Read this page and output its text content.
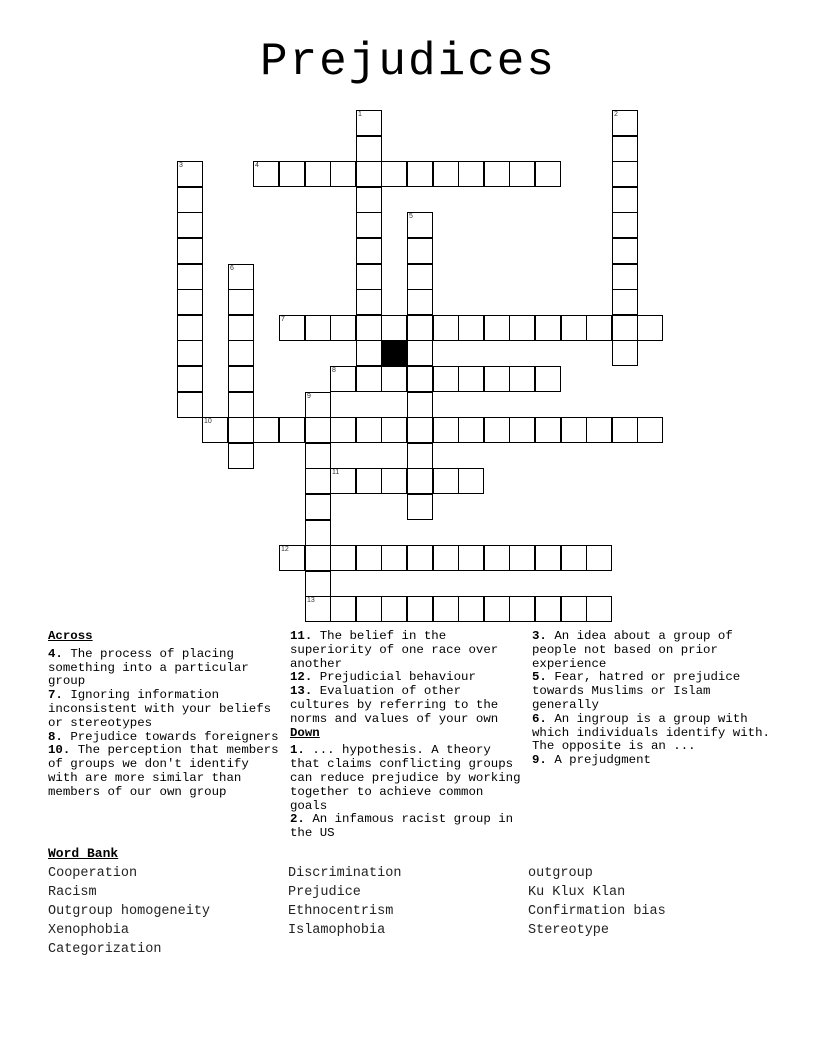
Prejudices
1	2
3	4
5
6
7
8
9
10
11
12
13
Across

4. The process of placing something into a particular group

7. Ignoring information inconsistent with your beliefs or stereotypes

8. Prejudice towards foreigners

10. The perception that members of groups we don't identify with are more similar than members of our own group

11. The belief in the superiority of one race over another

12. Prejudicial behaviour

13. Evaluation of other cultures by referring to the norms and values of your own

Down

1. ... hypothesis. A theory that claims conflicting groups can reduce prejudice by working together to achieve common goals

2. An infamous racist group in the US

3. An idea about a group of people not based on prior experience

5. Fear, hatred or prejudice towards Muslims or Islam generally

6. An ingroup is a group with which individuals identify with. The opposite is an ...

9. A prejudgment

Word Bank
Cooperation
Racism
Outgroup homogeneity
Xenophobia
Categorization
Discrimination
Prejudice
Ethnocentrism
Islamophobia
outgroup
Ku Klux Klan
Confirmation bias
Stereotype
